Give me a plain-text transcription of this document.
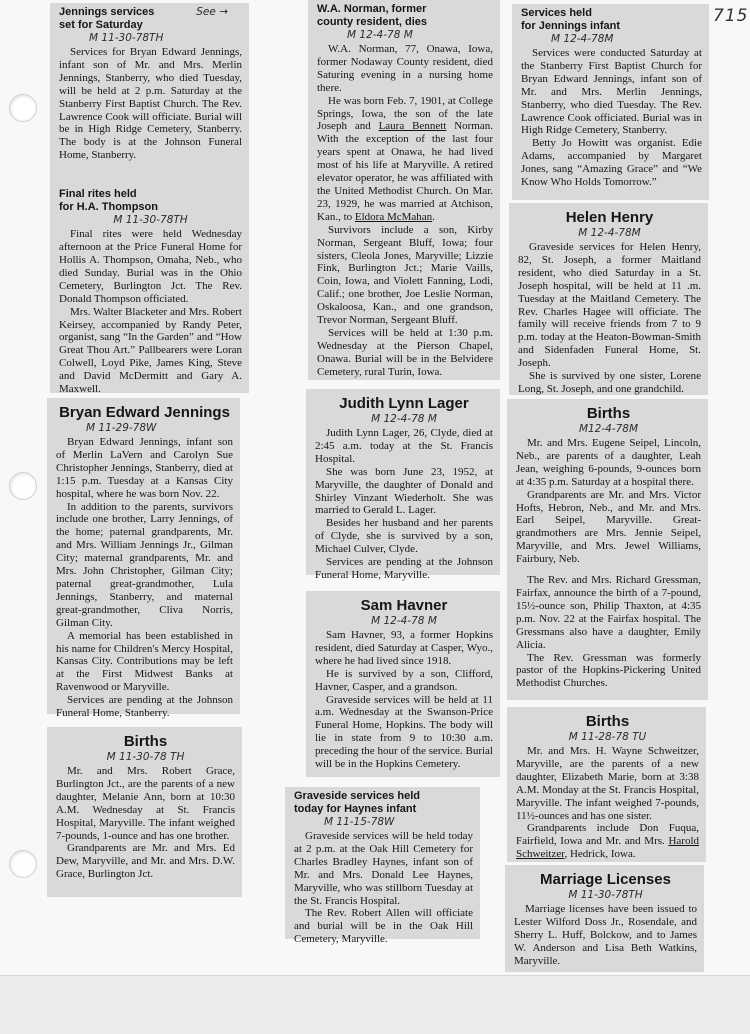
715
Jennings services
set for Saturday
See →
M 11-30-78TH

Services for Bryan Edward Jennings, infant son of Mr. and Mrs. Merlin Jennings, Stanberry, who died Tuesday, will be held at 2 p.m. Saturday at the Stanberry First Baptist Church. The Rev. Lawrence Cook will officiate. Burial will be in High Ridge Cemetery, Stanberry. The body is at the Johnson Funeral Home, Stanberry.

Final rites held
for H.A. Thompson
M 11-30-78TH

Final rites were held Wednesday afternoon at the Price Funeral Home for Hollis A. Thompson, Omaha, Neb., who died Sunday. Burial was in the Ohio Cemetery, Burlington Jct. The Rev. Donald Thompson officiated.

Mrs. Walter Blacketer and Mrs. Robert Keirsey, accompanied by Randy Peter, organist, sang “In the Garden” and “How Great Thou Art.” Pallbearers were Loran Colwell, Loyd Pike, James King, Steve and David McDermitt and Gary A. Maxwell.

Bryan Edward Jennings
M 11-29-78W

Bryan Edward Jennings, infant son of Merlin LaVern and Carolyn Sue Christopher Jennings, Stanberry, died at 1:15 p.m. Tuesday at a Kansas City hospital, where he was born Nov. 22.

In addition to the parents, survivors include one brother, Larry Jennings, of the home; paternal grandparents, Mr. and Mrs. William Jennings Jr., Gilman City; maternal grandparents, Mr. and Mrs. John Christopher, Gilman City; paternal great-grandmother, Lula Jennings, Stanberry, and maternal great-grandmother, Cliva Norris, Gilman City.

A memorial has been established in his name for Children's Mercy Hospital, Kansas City. Contributions may be left at the First Midwest Banks at Ravenwood or Maryville.

Services are pending at the Johnson Funeral Home, Stanberry.

Births
M 11-30-78 TH

Mr. and Mrs. Robert Grace, Burlington Jct., are the parents of a new daughter, Melanie Ann, born at 10:30 A.M. Wednesday at St. Francis Hospital, Maryville. The infant weighed 7-pounds, 1-ounce and has one brother.

Grandparents are Mr. and Mrs. Ed Dew, Maryville, and Mr. and Mrs. D.W. Grace, Burlington Jct.

W.A. Norman, former
county resident, dies
M 12-4-78 M

W.A. Norman, 77, Onawa, Iowa, former Nodaway County resident, died Saturing evening in a nursing home there.

He was born Feb. 7, 1901, at College Springs, Iowa, the son of the late Joseph and Laura Bennett Norman. With the exception of the last four years spent at Onawa, he had lived most of his life at Maryville. A retired elevator operator, he was affiliated with the United Methodist Church. On Mar. 23, 1929, he was married at Atchison, Kan., to Eldora McMahan.

Survivors include a son, Kirby Norman, Sergeant Bluff, Iowa; four sisters, Cleola Jones, Maryville; Lizzie Fink, Burlington Jct.; Marie Vaills, Coin, Iowa, and Violett Fanning, Lodi, Calif.; one brother, Joe Leslie Norman, Oskaloosa, Kan., and one grandson, Trevor Norman, Sergeant Bluff.

Services will be held at 1:30 p.m. Wednesday at the Pierson Chapel, Onawa. Burial will be in the Belvidere Cemetery, rural Turin, Iowa.

Judith Lynn Lager
M 12-4-78 M

Judith Lynn Lager, 26, Clyde, died at 2:45 a.m. today at the St. Francis Hospital.

She was born June 23, 1952, at Maryville, the daughter of Donald and Shirley Vinzant Wiederholt. She was married to Gerald L. Lager.

Besides her husband and her parents of Clyde, she is survived by a son, Michael Culver, Clyde.

Services are pending at the Johnson Funeral Home, Maryville.

Sam Havner
M 12-4-78 M

Sam Havner, 93, a former Hopkins resident, died Saturday at Casper, Wyo., where he had lived since 1918.

He is survived by a son, Clifford, Havner, Casper, and a grandson.

Graveside services will be held at 11 a.m. Wednesday at the Swanson-Price Funeral Home, Hopkins. The body will lie in state from 9 to 10:30 a.m. preceding the hour of the service. Burial will be in the Hopkins Cemetery.

Graveside services held
today for Haynes infant
M 11-15-78W

Graveside services will be held today at 2 p.m. at the Oak Hill Cemetery for Charles Bradley Haynes, infant son of Mr. and Mrs. Donald Lee Haynes, Maryville, who was stillborn Tuesday at the St. Francis Hospital.

The Rev. Robert Allen will officiate and burial will be in the Oak Hill Cemetery, Maryville.

Services held
for Jennings infant
M 12-4-78M

Services were conducted Saturday at the Stanberry First Baptist Church for Bryan Edward Jennings, infant son of Mr. and Mrs. Merlin Jennings, Stanberry, who died Tuesday. The Rev. Lawrence Cook officiated. Burial was in High Ridge Cemetery, Stanberry.

Betty Jo Howitt was organist. Edie Adams, accompanied by Margaret Jones, sang “Amazing Grace” and “We Know Who Holds Tomorrow.”

Helen Henry
M 12-4-78M

Graveside services for Helen Henry, 82, St. Joseph, a former Maitland resident, who died Saturday in a St. Joseph hospital, will be held at 11 .m. Tuesday at the Maitland Cemetery. The Rev. Charles Hagee will officiate. The family will receive friends from 7 to 9 p.m. today at the Heaton-Bowman-Smith and Sidenfaden Funeral Home, St. Joseph.

She is survived by one sister, Lorene Long, St. Joseph, and one grandchild.

Births
M12-4-78M

Mr. and Mrs. Eugene Seipel, Lincoln, Neb., are parents of a daughter, Leah Jean, weighing 6-pounds, 9-ounces born at 4:35 p.m. Saturday at a hospital there.

Grandparents are Mr. and Mrs. Victor Hofts, Hebron, Neb., and Mr. and Mrs. Earl Seipel, Maryville. Great-grandmothers are Mrs. Jennie Seipel, Maryville, and Mrs. Jewel Williams, Fairbury, Neb.

The Rev. and Mrs. Richard Gressman, Fairfax, announce the birth of a 7-pound, 15½-ounce son, Philip Thaxton, at 4:35 p.m. Nov. 22 at the Fairfax hospital. The Gressmans also have a daughter, Emily Alicia.

The Rev. Gressman was formerly pastor of the Hopkins-Pickering United Methodist Churches.

Births
M 11-28-78 TU

Mr. and Mrs. H. Wayne Schweitzer, Maryville, are the parents of a new daughter, Elizabeth Marie, born at 3:38 A.M. Monday at the St. Francis Hospital, Maryville. The infant weighed 7-pounds, 11½-ounces and has one sister.

Grandparents include Don Fuqua, Fairfield, Iowa and Mr. and Mrs. Harold Schweitzer, Hedrick, Iowa.

Marriage Licenses
M 11-30-78TH

Marriage licenses have been issued to Lester Wilford Doss Jr., Rosendale, and Sherry L. Huff, Bolckow, and to James W. Anderson and Lisa Beth Watkins, Maryville.
